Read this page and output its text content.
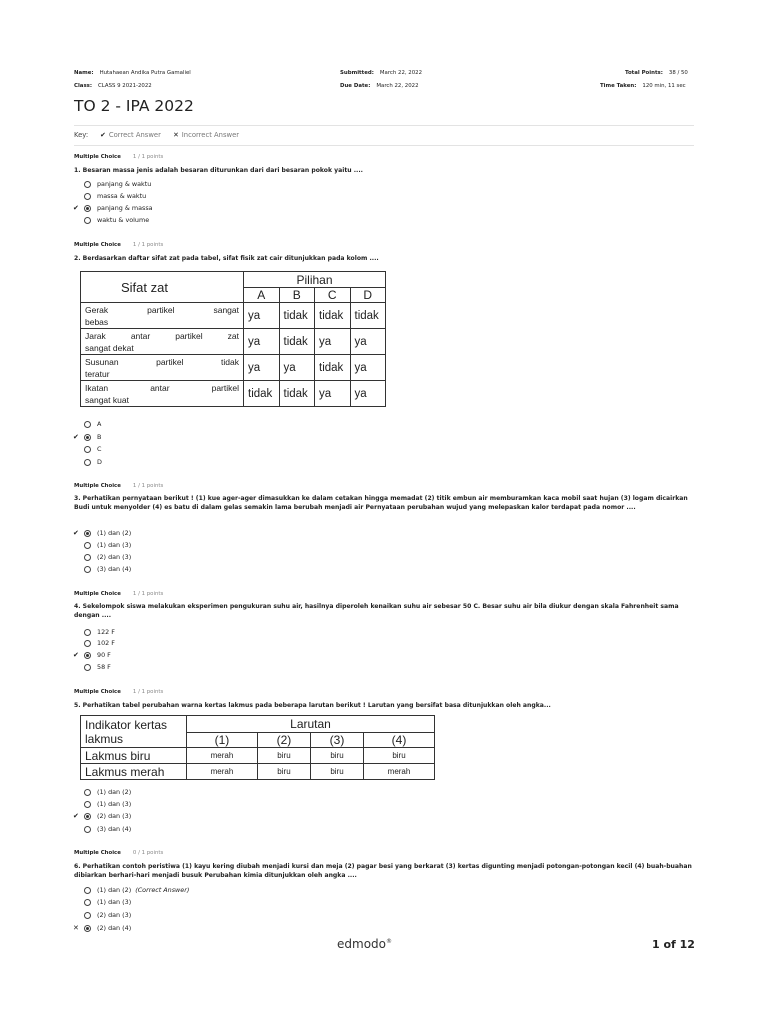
Name: Hutahaean Andika Putra Gamaliel	Submitted: March 22, 2022	Total Points: 38 / 50
Class: CLASS 9 2021-2022	Due Date: March 22, 2022	Time Taken: 120 min, 11 sec
TO 2 - IPA 2022
Key: ✔ Correct Answer ✕ Incorrect Answer
Multiple Choice 1 / 1 points
1. Besaran massa jenis adalah besaran diturunkan dari dari besaran pokok yaitu ....
panjang & waktu
massa & waktu
✔	panjang & massa
waktu & volume
Multiple Choice 1 / 1 points
2. Berdasarkan daftar sifat zat pada tabel, sifat fisik zat cair ditunjukkan pada kolom ....
Sifat zat	Pilihan			
	A	B	C	D
Gerak partikel sangat
bebas	ya	tidak	tidak	tidak
Jarak antar partikel zat
sangat dekat	ya	tidak	ya	ya
Susunan partikel tidak
teratur	ya	ya	tidak	ya
Ikatan antar partikel
sangat kuat	tidak	tidak	ya	ya
A
✔	B
C
D
Multiple Choice 1 / 1 points
3. Perhatikan pernyataan berikut ! (1) kue ager-ager dimasukkan ke dalam cetakan hingga memadat (2) titik embun air memburamkan kaca mobil saat hujan (3) logam dicairkan Budi untuk menyolder (4) es batu di dalam gelas semakin lama berubah menjadi air Pernyataan perubahan wujud yang melepaskan kalor terdapat pada nomor ....
✔	(1) dan (2)
(1) dan (3)
(2) dan (3)
(3) dan (4)
Multiple Choice 1 / 1 points
4. Sekelompok siswa melakukan eksperimen pengukuran suhu air, hasilnya diperoleh kenaikan suhu air sebesar 50 C. Besar suhu air bila diukur dengan skala Fahrenheit sama dengan ....
122 F
102 F
✔	90 F
58 F
Multiple Choice 1 / 1 points
5. Perhatikan tabel perubahan warna kertas lakmus pada beberapa larutan berikut ! Larutan yang bersifat basa ditunjukkan oleh angka...
Indikator kertas
lakmus	Larutan			
	(1)	(2)	(3)	(4)
Lakmus biru	merah	biru	biru	biru
Lakmus merah	merah	biru	biru	merah
(1) dan (2)
(1) dan (3)
✔	(2) dan (3)
(3) dan (4)
Multiple Choice 0 / 1 points
6. Perhatikan contoh peristiwa (1) kayu kering diubah menjadi kursi dan meja (2) pagar besi yang berkarat (3) kertas digunting menjadi potongan-potongan kecil (4) buah-buahan dibiarkan berhari-hari menjadi busuk Perubahan kimia ditunjukkan oleh angka ....
(1) dan (2) (Correct Answer)
(1) dan (3)
(2) dan (3)
✕	(2) dan (4)
edmodo®	1 of 12
